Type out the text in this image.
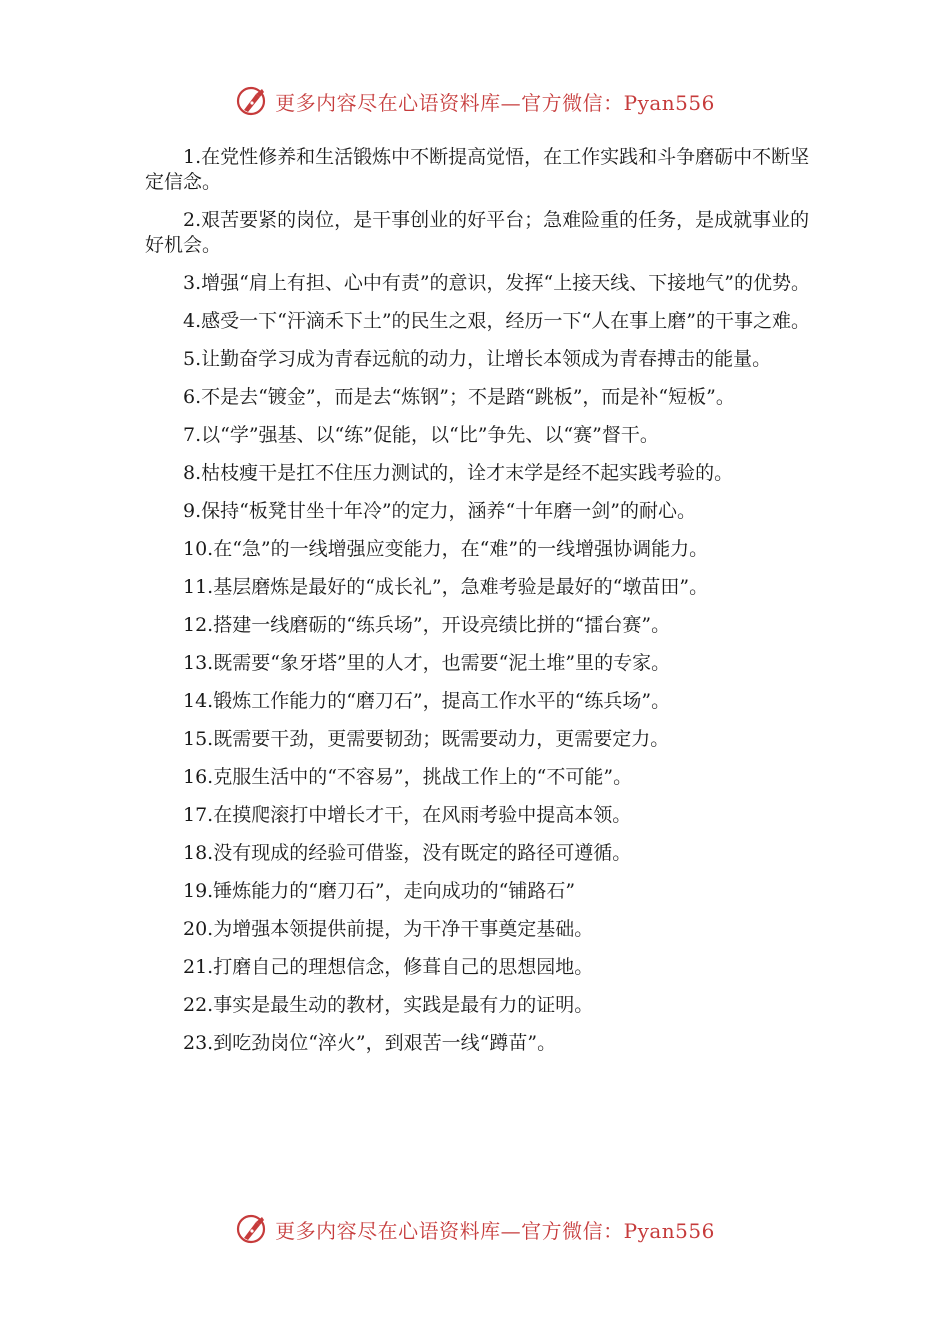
更多内容尽在心语资料库—官方微信：Pyan556

1.在党性修养和生活锻炼中不断提高觉悟，在工作实践和斗争磨砺中不断坚定信念。

2.艰苦要紧的岗位，是干事创业的好平台；急难险重的任务，是成就事业的好机会。

3.增强“肩上有担、心中有责”的意识，发挥“上接天线、下接地气”的优势。

4.感受一下“汗滴禾下土”的民生之艰，经历一下“人在事上磨”的干事之难。

5.让勤奋学习成为青春远航的动力，让增长本领成为青春搏击的能量。

6.不是去“镀金”，而是去“炼钢”；不是踏“跳板”，而是补“短板”。

7.以“学”强基、以“练”促能，以“比”争先、以“赛”督干。

8.枯枝瘦干是扛不住压力测试的，诠才末学是经不起实践考验的。

9.保持“板凳甘坐十年冷”的定力，涵养“十年磨一剑”的耐心。

10.在“急”的一线增强应变能力，在“难”的一线增强协调能力。

11.基层磨炼是最好的“成长礼”，急难考验是最好的“墩苗田”。

12.搭建一线磨砺的“练兵场”，开设亮绩比拼的“擂台赛”。

13.既需要“象牙塔”里的人才，也需要“泥土堆”里的专家。

14.锻炼工作能力的“磨刀石”，提高工作水平的“练兵场”。

15.既需要干劲，更需要韧劲；既需要动力，更需要定力。

16.克服生活中的“不容易”，挑战工作上的“不可能”。

17.在摸爬滚打中增长才干，在风雨考验中提高本领。

18.没有现成的经验可借鉴，没有既定的路径可遵循。

19.锤炼能力的“磨刀石”，走向成功的“铺路石”

20.为增强本领提供前提，为干净干事奠定基础。

21.打磨自己的理想信念，修葺自己的思想园地。

22.事实是最生动的教材，实践是最有力的证明。

23.到吃劲岗位“淬火”，到艰苦一线“蹲苗”。

更多内容尽在心语资料库—官方微信：Pyan556
